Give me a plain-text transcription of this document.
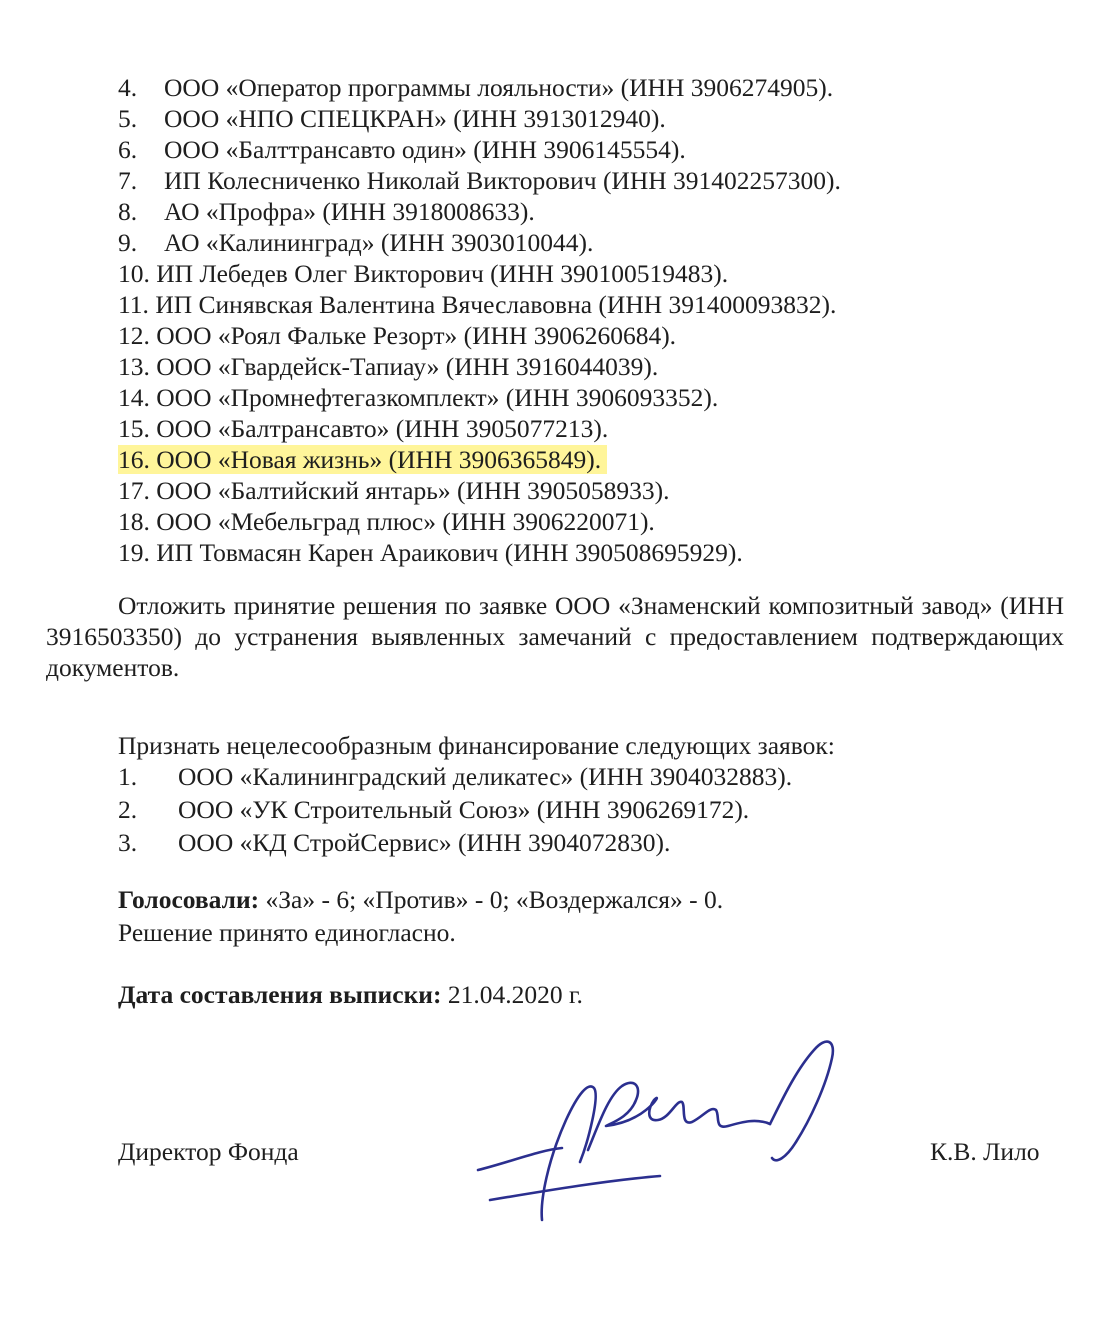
4. ООО «Оператор программы лояльности» (ИНН 3906274905).
5. ООО «НПО СПЕЦКРАН» (ИНН 3913012940).
6. ООО «Балттрансавто один» (ИНН 3906145554).
7. ИП Колесниченко Николай Викторович (ИНН 391402257300).
8. АО «Профра» (ИНН 3918008633).
9. АО «Калининград» (ИНН 3903010044).
10. ИП Лебедев Олег Викторович (ИНН 390100519483).
11. ИП Синявская Валентина Вячеславовна (ИНН 391400093832).
12. ООО «Роял Фальке Резорт» (ИНН 3906260684).
13. ООО «Гвардейск-Тапиау» (ИНН 3916044039).
14. ООО «Промнефтегазкомплект» (ИНН 3906093352).
15. ООО «Балтрансавто» (ИНН 3905077213).
16. ООО «Новая жизнь» (ИНН 3906365849).
17. ООО «Балтийский янтарь» (ИНН 3905058933).
18. ООО «Мебельград плюс» (ИНН 3906220071).
19. ИП Товмасян Карен Араикович (ИНН 390508695929).

Отложить принятие решения по заявке ООО «Знаменский композитный завод» (ИНН 3916503350) до устранения выявленных замечаний с предоставлением подтверждающих документов.

Признать нецелесообразным финансирование следующих заявок:
1. ООО «Калининградский деликатес» (ИНН 3904032883).
2. ООО «УК Строительный Союз» (ИНН 3906269172).
3. ООО «КД СтройСервис» (ИНН 3904072830).
Голосовали: «За» - 6; «Против» - 0; «Воздержался» - 0.
Решение принято единогласно.
Дата составления выписки: 21.04.2020 г.
Директор Фонда	К.В. Лило
